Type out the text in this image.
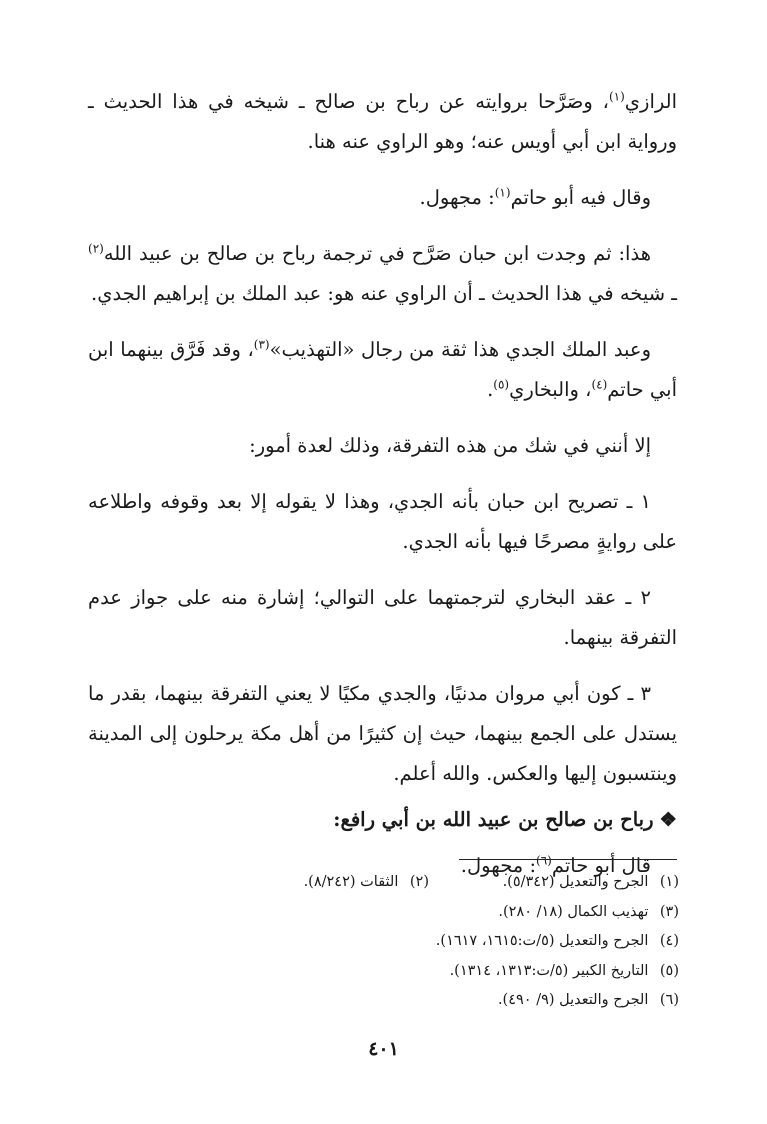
الرازي$^{(١)}$، وصَرَّحا بروايته عن رباح بن صالح ـ شيخه في هذا الحديث ـ ورواية ابن أبي أويس عنه؛ وهو الراوي عنه هنا.

وقال فيه أبو حاتم$^{(١)}$: مجهول.

هذا: ثم وجدت ابن حبان صَرَّح في ترجمة رباح بن صالح بن عبيد الله$^{(٢)}$ ـ شيخه في هذا الحديث ـ أن الراوي عنه هو: عبد الملك بن إبراهيم الجدي.

وعبد الملك الجدي هذا ثقة من رجال «التهذيب»$^{(٣)}$، وقد فَرَّق بينهما ابن أبي حاتم$^{(٤)}$، والبخاري$^{(٥)}$.

إلا أنني في شك من هذه التفرقة، وذلك لعدة أمور:

١ ـ تصريح ابن حبان بأنه الجدي، وهذا لا يقوله إلا بعد وقوفه واطلاعه على روايةٍ مصرحًا فيها بأنه الجدي.

٢ ـ عقد البخاري لترجمتهما على التوالي؛ إشارة منه على جواز عدم التفرقة بينهما.

٣ ـ كون أبي مروان مدنيًا، والجدي مكيًا لا يعني التفرقة بينهما، بقدر ما يستدل على الجمع بينهما، حيث إن كثيرًا من أهل مكة يرحلون إلى المدينة وينتسبون إليها والعكس. والله أعلم.

❖رباح بن صالح بن عبيد الله بن أبي رافع:

قال أبو حاتم$^{(٦)}$: مجهول.

(١) الجرح والتعديل (٥/٣٤٢).
(٢) الثقات (٨/٢٤٢).
(٣) تهذيب الكمال (١٨/ ٢٨٠).
(٤) الجرح والتعديل (٥/ت:١٦١٥، ١٦١٧).
(٥) التاريخ الكبير (٥/ت:١٣١٣، ١٣١٤).
(٦) الجرح والتعديل (٩/ ٤٩٠).
٤٠١
